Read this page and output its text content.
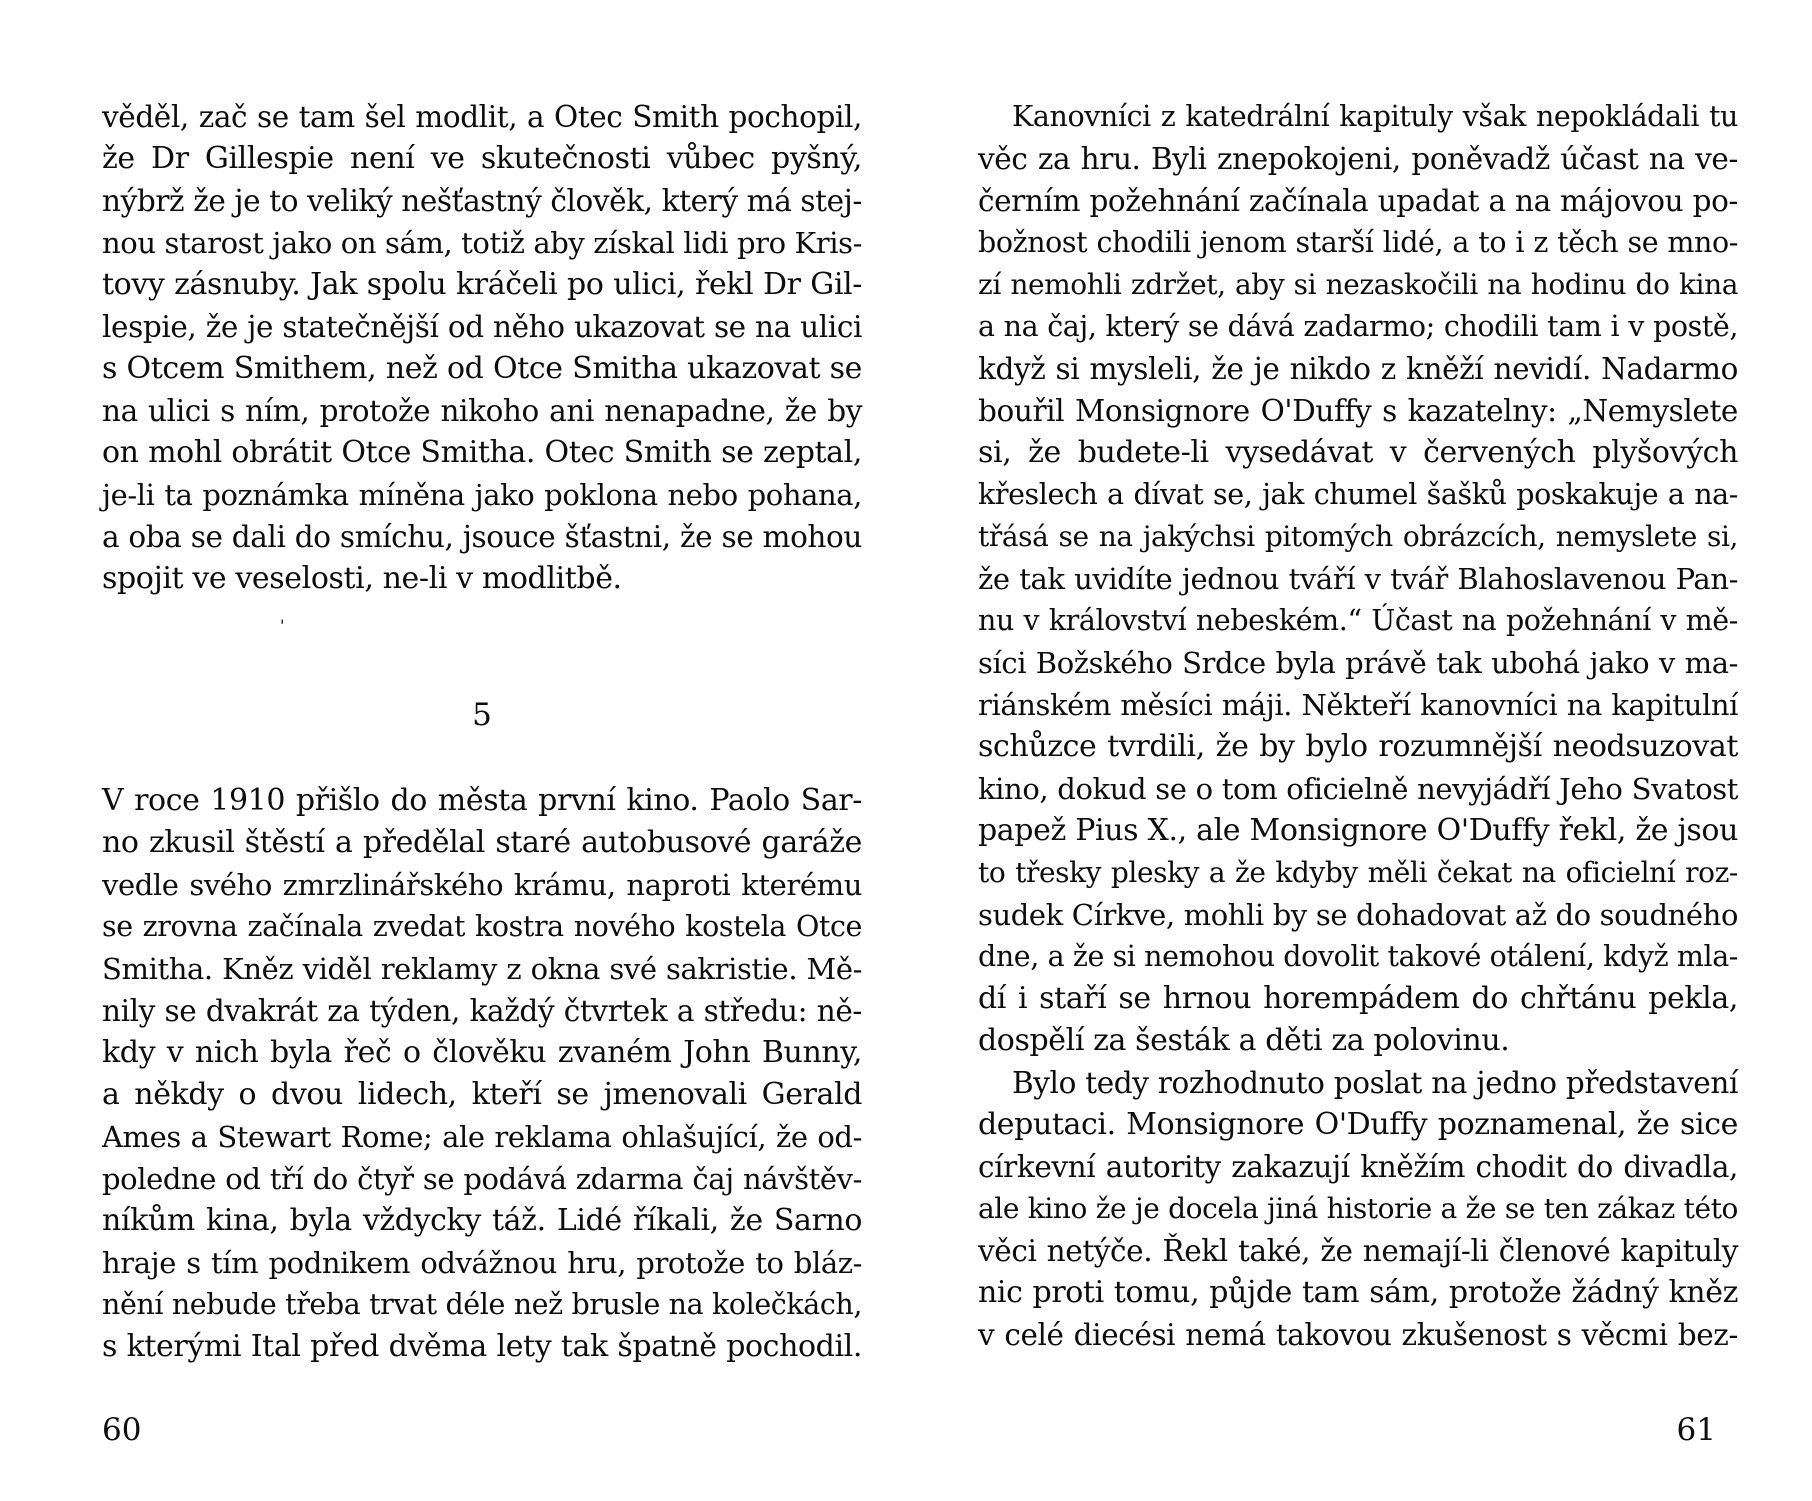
věděl, zač se tam šel modlit, a Otec Smith pochopil,
že Dr Gillespie není ve skutečnosti vůbec pyšný,
nýbrž že je to veliký nešťastný člověk, který má stej-
nou starost jako on sám, totiž aby získal lidi pro Kris-
tovy zásnuby. Jak spolu kráčeli po ulici, řekl Dr Gil-
lespie, že je statečnější od něho ukazovat se na ulici
s Otcem Smithem, než od Otce Smitha ukazovat se
na ulici s ním, protože nikoho ani nenapadne, že by
on mohl obrátit Otce Smitha. Otec Smith se zeptal,
je-li ta poznámka míněna jako poklona nebo pohana,
a oba se dali do smíchu, jsouce šťastni, že se mohou
spojit ve veselosti, ne-li v modlitbě.
'
5
V roce 1910 přišlo do města první kino. Paolo Sar-
no zkusil štěstí a předělal staré autobusové garáže
vedle svého zmrzlinářského krámu, naproti kterému
se zrovna začínala zvedat kostra nového kostela Otce
Smitha. Kněz viděl reklamy z okna své sakristie. Mě-
nily se dvakrát za týden, každý čtvrtek a středu: ně-
kdy v nich byla řeč o člověku zvaném John Bunny,
a někdy o dvou lidech, kteří se jmenovali Gerald
Ames a Stewart Rome; ale reklama ohlašující, že od-
poledne od tří do čtyř se podává zdarma čaj návštěv-
níkům kina, byla vždycky táž. Lidé říkali, že Sarno
hraje s tím podnikem odvážnou hru, protože to bláz-
nění nebude třeba trvat déle než brusle na kolečkách,
s kterými Ital před dvěma lety tak špatně pochodil.
60
Kanovníci z katedrální kapituly však nepokládali tu
věc za hru. Byli znepokojeni, poněvadž účast na ve-
černím požehnání začínala upadat a na májovou po-
božnost chodili jenom starší lidé, a to i z těch se mno-
zí nemohli zdržet, aby si nezaskočili na hodinu do kina
a na čaj, který se dává zadarmo; chodili tam i v postě,
když si mysleli, že je nikdo z kněží nevidí. Nadarmo
bouřil Monsignore O'Duffy s kazatelny: „Nemyslete
si, že budete-li vysedávat v červených plyšových
křeslech a dívat se, jak chumel šašků poskakuje a na-
třásá se na jakýchsi pitomých obrázcích, nemyslete si,
že tak uvidíte jednou tváří v tvář Blahoslavenou Pan-
nu v království nebeském.“ Účast na požehnání v mě-
síci Božského Srdce byla právě tak ubohá jako v ma-
riánském měsíci máji. Někteří kanovníci na kapitulní
schůzce tvrdili, že by bylo rozumnější neodsuzovat
kino, dokud se o tom oficielně nevyjádří Jeho Svatost
papež Pius X., ale Monsignore O'Duffy řekl, že jsou
to třesky plesky a že kdyby měli čekat na oficielní roz-
sudek Církve, mohli by se dohadovat až do soudného
dne, a že si nemohou dovolit takové otálení, když mla-
dí i staří se hrnou horempádem do chřtánu pekla,
dospělí za šesták a děti za polovinu.
Bylo tedy rozhodnuto poslat na jedno představení
deputaci. Monsignore O'Duffy poznamenal, že sice
církevní autority zakazují kněžím chodit do divadla,
ale kino že je docela jiná historie a že se ten zákaz této
věci netýče. Řekl také, že nemají-li členové kapituly
nic proti tomu, půjde tam sám, protože žádný kněz
v celé diecési nemá takovou zkušenost s věcmi bez-
61
